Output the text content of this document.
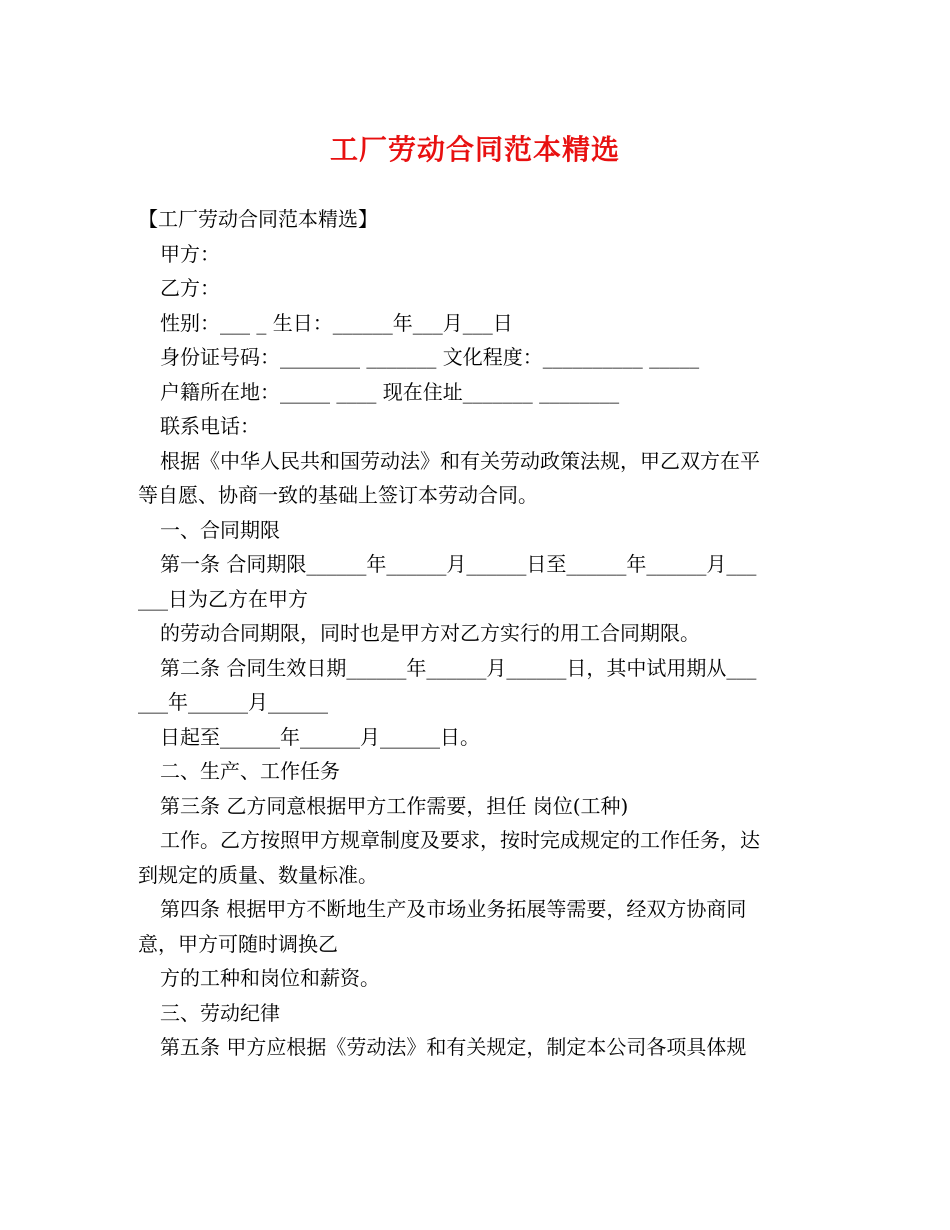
工厂劳动合同范本精选
【工厂劳动合同范本精选】
甲方：
乙方：
性别：___ _ 生日：______年___月___日
身份证号码：________ _______ 文化程度：__________ _____
户籍所在地：_____ ____ 现在住址_______ ________
联系电话：
根据《中华人民共和国劳动法》和有关劳动政策法规，甲乙双方在平
等自愿、协商一致的基础上签订本劳动合同。
一、合同期限
第一条 合同期限______年______月______日至______年______月___
___日为乙方在甲方
的劳动合同期限，同时也是甲方对乙方实行的用工合同期限。
第二条 合同生效日期______年______月______日，其中试用期从___
___年______月______
日起至______年______月______日。
二、生产、工作任务
第三条 乙方同意根据甲方工作需要，担任 岗位(工种)
工作。乙方按照甲方规章制度及要求，按时完成规定的工作任务，达
到规定的质量、数量标准。
第四条 根据甲方不断地生产及市场业务拓展等需要，经双方协商同
意，甲方可随时调换乙
方的工种和岗位和薪资。
三、劳动纪律
第五条 甲方应根据《劳动法》和有关规定，制定本公司各项具体规
